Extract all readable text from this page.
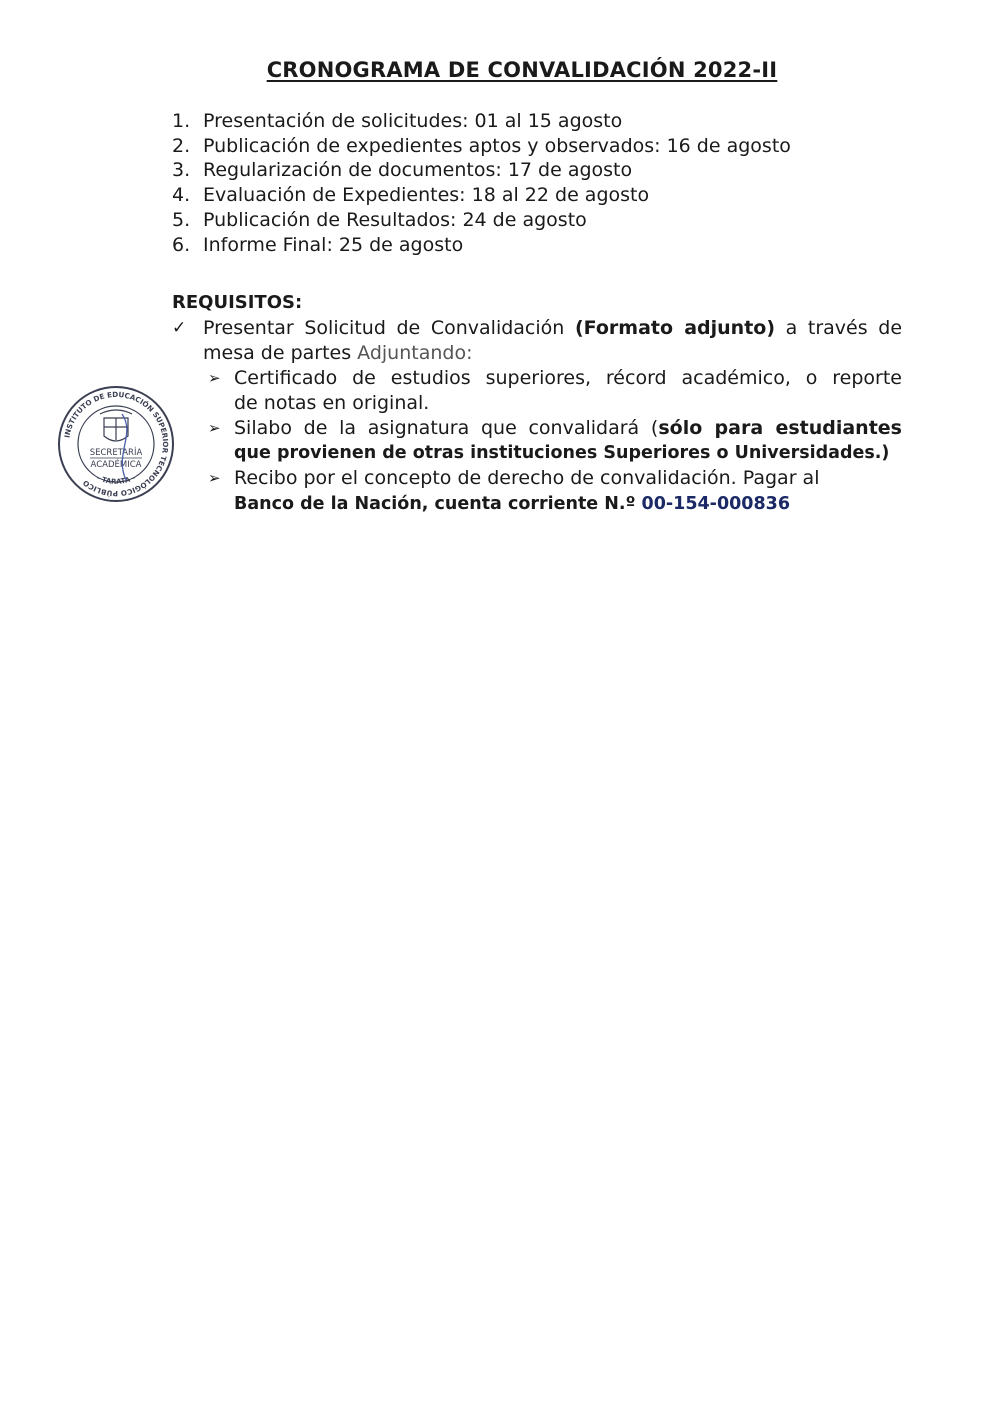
CRONOGRAMA DE CONVALIDACIÓN 2022-II
1. Presentación de solicitudes: 01 al 15 agosto
2. Publicación de expedientes aptos y observados: 16 de agosto
3. Regularización de documentos: 17 de agosto
4. Evaluación de Expedientes: 18 al 22 de agosto
5. Publicación de Resultados: 24 de agosto
6. Informe Final: 25 de agosto
REQUISITOS:
✓ Presentar Solicitud de Convalidación (Formato adjunto) a través de
mesa de partes Adjuntando:
➢ Certificado de estudios superiores, récord académico, o reporte
de notas en original.
➢ Silabo de la asignatura que convalidará (sólo para estudiantes
que provienen de otras instituciones Superiores o Universidades.)
➢ Recibo por el concepto de derecho de convalidación. Pagar al
Banco de la Nación, cuenta corriente N.º 00-154-000836
INSTITUTO DE EDUCACIÓN SUPERIOR TECNOLÓGICO PÚBLICO
– TARATA –
SECRETARÍA
ACADÉMICA
